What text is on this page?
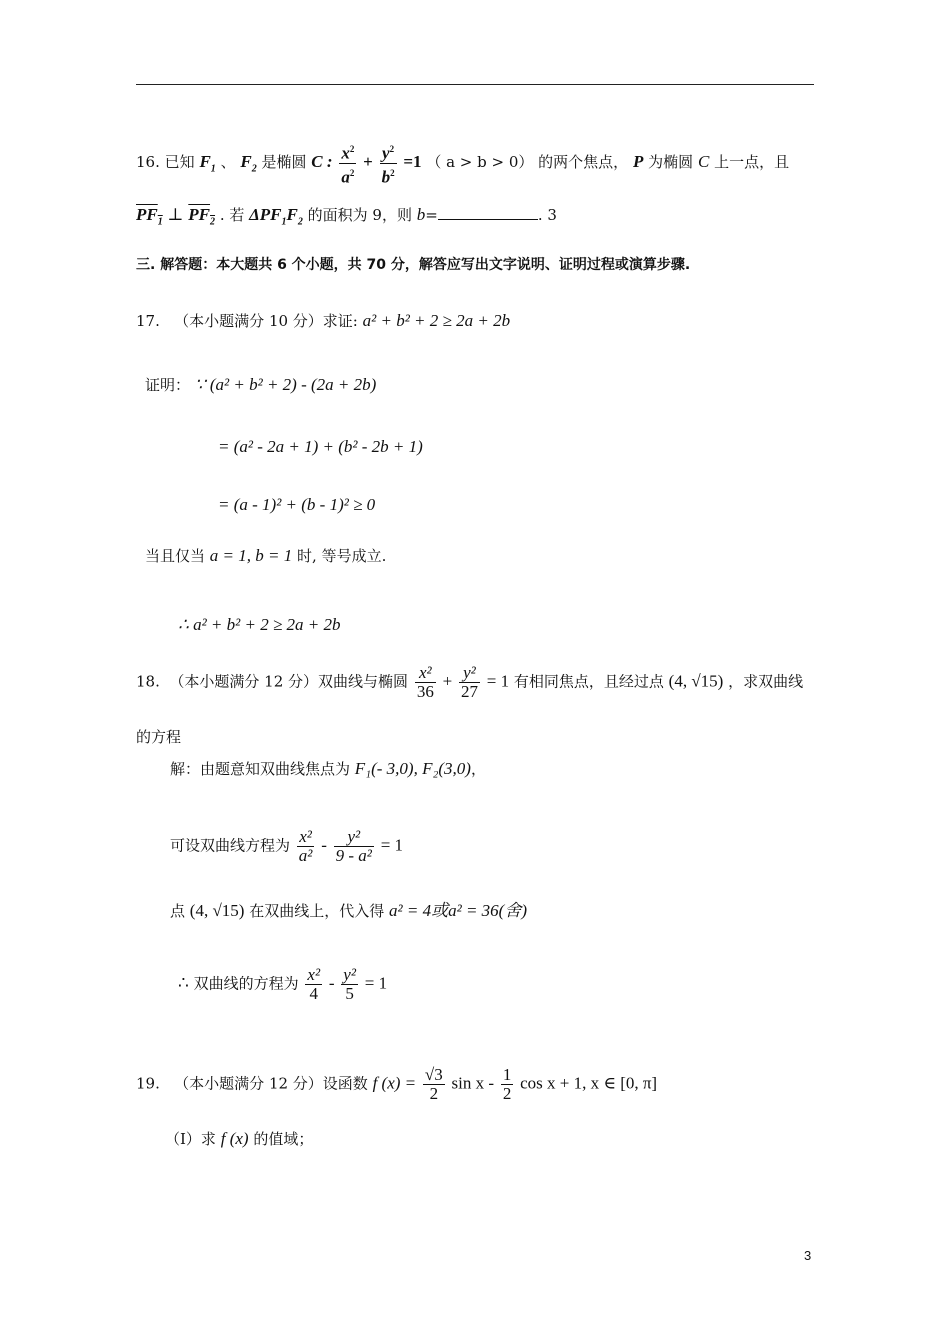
16. 已知 $F_1$ 、 $F_2$ 是椭圆 C : $\frac{x^2}{a^2} + \frac{y^2}{b^2} =1$ （ a > b > 0） 的两个焦点， P 为椭圆 C 上一点，且
$PF_1$ ⊥ $PF_2$ . 若 $\Delta PF_1F_2$ 的面积为 9，则 b=	. 3
三. 解答题：本大题共 6 个小题，共 70 分，解答应写出文字说明、证明过程或演算步骤.
17. （本小题满分 10 分）求证: a² + b² + 2 ≥ 2a + 2b
证明： ∵ (a² + b² + 2) - (2a + 2b)
= (a² - 2a + 1) + (b² - 2b + 1)
= (a - 1)² + (b - 1)² ≥ 0
当且仅当 a = 1, b = 1 时, 等号成立.
∴ a² + b² + 2 ≥ 2a + 2b
18. （本小题满分 12 分）双曲线与椭圆 $\frac{\text{x²}}{36} + \frac{\text{y²}}{27} = 1$ 有相同焦点，且经过点 (4, √15) ，求双曲线
的方程
解：由题意知双曲线焦点为 F₁(- 3,0), F₂(3,0)，
可设双曲线方程为 $\frac{\text{x²}}{\text{a²}} - \frac{\text{y²}}{\text{9 - a²}} = 1$
点 (4, √15) 在双曲线上，代入得 a² = 4或a² = 36(舍)
∴ 双曲线的方程为 $\frac{\text{x²}}{4} - \frac{\text{y²}}{5} = 1$
19. （本小题满分 12 分）设函数 f $(x) = \frac{√3}{2}$ sin x - $\frac{1}{2}$ cos x + 1, x ∈ [0, π]
（I）求 f (x) 的值域；
3
